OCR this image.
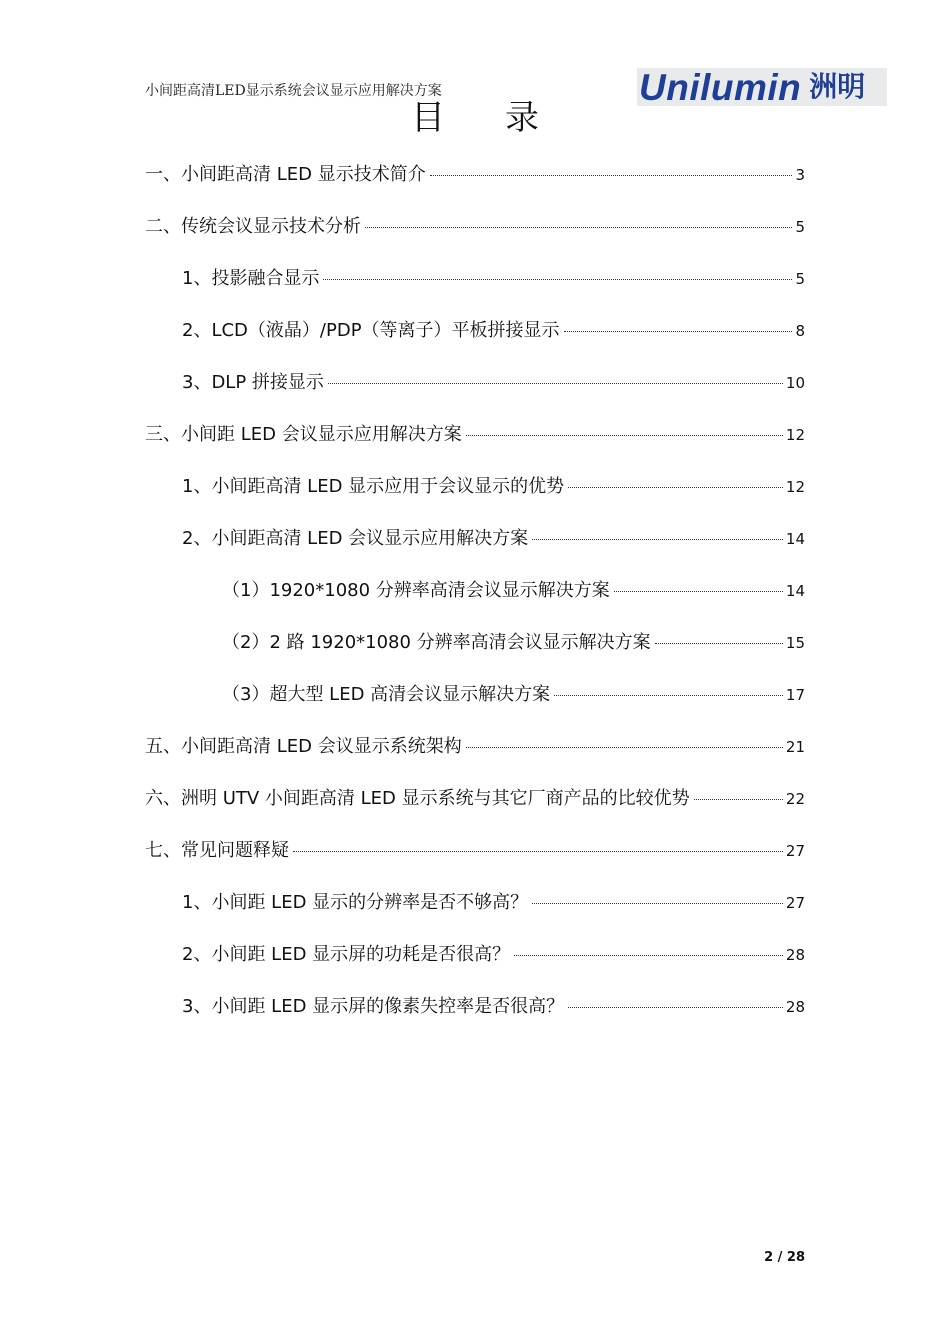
小间距高清LED显示系统会议显示应用解决方案	Unilumin 洲明
目 录
一、小间距高清 LED 显示技术简介	3
二、传统会议显示技术分析	5
1、投影融合显示	5
2、LCD（液晶）/PDP（等离子）平板拼接显示	8
3、DLP 拼接显示	10
三、小间距 LED 会议显示应用解决方案	12
1、小间距高清 LED 显示应用于会议显示的优势	12
2、小间距高清 LED 会议显示应用解决方案	14
（1）1920*1080 分辨率高清会议显示解决方案	14
（2）2 路 1920*1080 分辨率高清会议显示解决方案	15
（3）超大型 LED 高清会议显示解决方案	17
五、小间距高清 LED 会议显示系统架构	21
六、洲明 UTV 小间距高清 LED 显示系统与其它厂商产品的比较优势	22
七、常见问题释疑	27
1、小间距 LED 显示的分辨率是否不够高？	27
2、小间距 LED 显示屏的功耗是否很高？	28
3、小间距 LED 显示屏的像素失控率是否很高？	28
2 / 28
